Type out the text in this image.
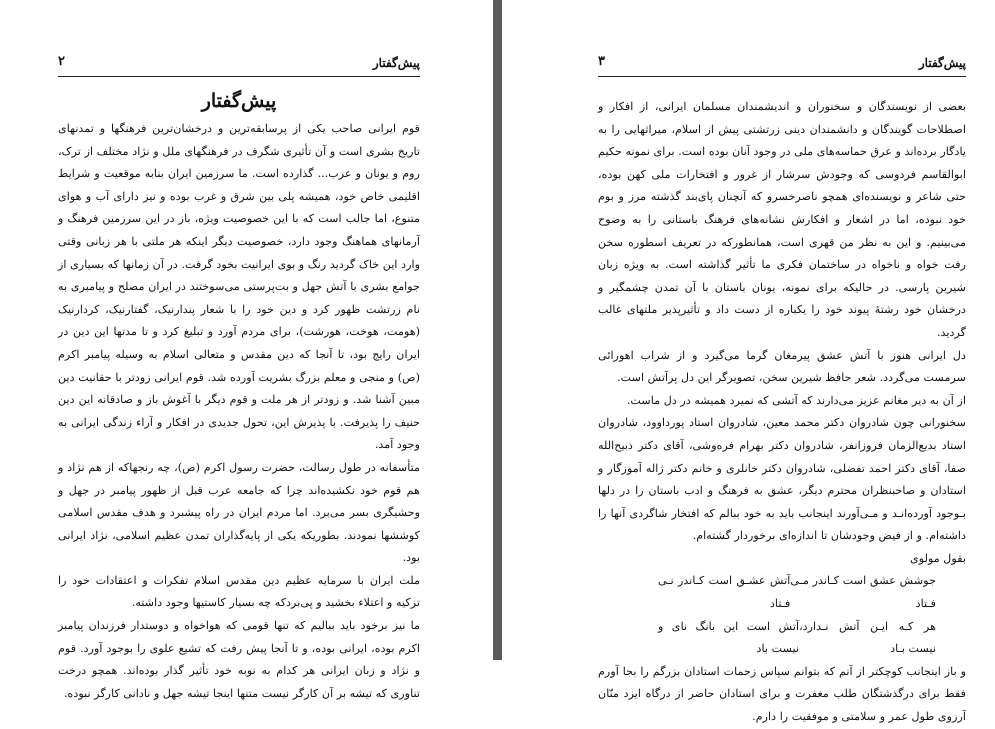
پیش‌گفتار
۲
پیش‌گفتار

قوم ایرانی صاحب یکی از پرسابقه‌ترین و درخشان‌ترین فرهنگها و تمدنهای تاریخ بشری است و آن تأثیری شگرف در فرهنگهای ملل و نژاد مختلف از ترک، روم و یونان و عرب... گذارده است. ما سرزمین ایران بنابه موقعیت و شرایط اقلیمی خاص خود، همیشه پلی بین شرق و غرب بوده و نیز دارای آب و هوای متنوع، اما جالب است که با این خصوصیت ویژه، باز در این سرزمین فرهنگ و آرمانهای هماهنگ وجود دارد، خصوصیت دیگر اینکه هر ملتی با هر زبانی وقتی وارد این خاک گردید رنگ و بوی ایرانیت بخود گرفت. در آن زمانها که بسیاری از جوامع بشری با آتش جهل و بت‌پرستی می‌سوختند در ایران مصلح و پیامبری به نام زرتشت ظهور کرد و دین خود را با شعار پندارنیک، گفتارنیک، کردارنیک (هومت، هوخت، هورشت)، برای مردم آورد و تبلیغ کرد و تا مدتها این دین در ایران رایج بود، تا آنجا که دین مقدس و متعالی اسلام به وسیله پیامبر اکرم (ص) و منجی و معلم بزرگ بشریت آورده شد. قوم ایرانی زودتر با حقانیت دین مبین آشنا شد. و زودتر از هر ملت و قوم دیگر با آغوش باز و صادقانه این دین حنیف را پذیرفت. با پذیرش این، تحول جدیدی در افکار و آراء زندگی ایرانی به وجود آمد.

متأسفانه در طول رسالت، حضرت رسول اکرم (ص)، چه رنجهاکه از هم نژاد و هم قوم خود نکشیده‌اند چرا که جامعه عرب قبل از ظهور پیامبر در جهل و وحشیگری بسر می‌برد. اما مردم ایران در راه پیشبرد و هدف مقدس اسلامی کوششها نمودند. بطوریکه یکی از پایه‌گذاران تمدن عظیم اسلامی، نژاد ایرانی بود.

ملت ایران با سرمایه عظیم دین مقدس اسلام تفکرات و اعتقادات خود را تزکیه و اعتلاء بخشید و پی‌بردکه چه بسیار کاستیها وجود داشته.

ما نیز برخود باید ببالیم که تنها قومی که هواخواه و دوستدار فرزندان پیامبر اکرم بوده، ایرانی بوده، و تا آنجا پیش رفت که تشیع علوی را بوجود آورد. قوم و نژاد و زبان ایرانی هر کدام به نوبه خود تأثیر گذار بوده‌اند. همچو درخت تناوری که تیشه بر آن کارگر نیست متنها اینجا تیشه جهل و نادانی کارگر نبوده.

پیش‌گفتار
۳

بعضی از نویسندگان و سخنوران و اندیشمندان مسلمان ایرانی، از افکار و اصطلاحات گویندگان و دانشمندان دینی زرتشتی پیش از اسلام، میراثهایی را به یادگار برده‌اند و عرق حماسه‌های ملی در وجود آنان بوده است. برای نمونه حکیم ابوالقاسم فردوسی که وجودش سرشار از غرور و افتخارات ملی کهن بوده، حتی شاعر و نویسنده‌ای همچو ناصرخسرو که آنچنان پای‌بند گذشته مرز و بوم خود نبوده، اما در اشعار و افکارش نشانه‌های فرهنگ باستانی را به وضوح می‌بینیم. و این به نظر من قهری است، همانطورکه در تعریف اسطوره سخن رفت خواه و ناخواه در ساختمان فکری ما تأثیر گذاشته است. به ویژه زبان شیرین پارسی. در حالیکه برای نمونه، یونان باستان با آن تمدن چشمگیر و درخشان خود رشتهٔ پیوند خود را یکباره از دست داد و تأثیرپذیر ملتهای غالب گردید.

دل ایرانی هنوز با آتش عشق پیرمغان گرما می‌گیرد و از شراب اهورائی سرمست می‌گردد. شعر حافظ شیرین سخن، تصویرگر این دل پرآتش است.

از آن به دیر مغانم عزیز می‌دارند که آتشی که نمیرد همیشه در دل ماست.

سخنورانی چون شادروان دکتر محمد معین، شادروان استاد پورداوود، شادروان استاد بدیع‌الزمان فروزانفر، شادروان دکتر بهرام فره‌وشی، آقای دکتر ذبیح‌الله صفا، آقای دکتر احمد تفضلی، شادروان دکتر خانلری و خانم دکتر ژاله آموزگار و استادان و صاحبنظران محترم دیگر، عشق به فرهنگ و ادب باستان را در دلها بـوجود آورده‌انـد و مـی‌آورند اینجانب باید به خود ببالم که افتخار شاگردی آنها را داشته‌ام. و از فیض وجودشان تا اندازه‌ای برخوردار گشته‌ام.

بقول مولوی

جوشش عشق است کـاندر مـی فـتاد
آتش عشـق است کـاندر نـی فـتاد
هر کـه ایـن آتش نـدارد، نیست بـاد
آتش است این بانگ نای و نیست باد

و باز اینجانب کوچکتر از آنم که بتوانم سپاس زحمات استادان بزرگم را بجا آورم فقط برای درگذشتگان طلب مغفرت و برای استادان حاضر از درگاه ایزد منّان آرزوی طول عمر و سلامتی و موفقیت را دارم.
